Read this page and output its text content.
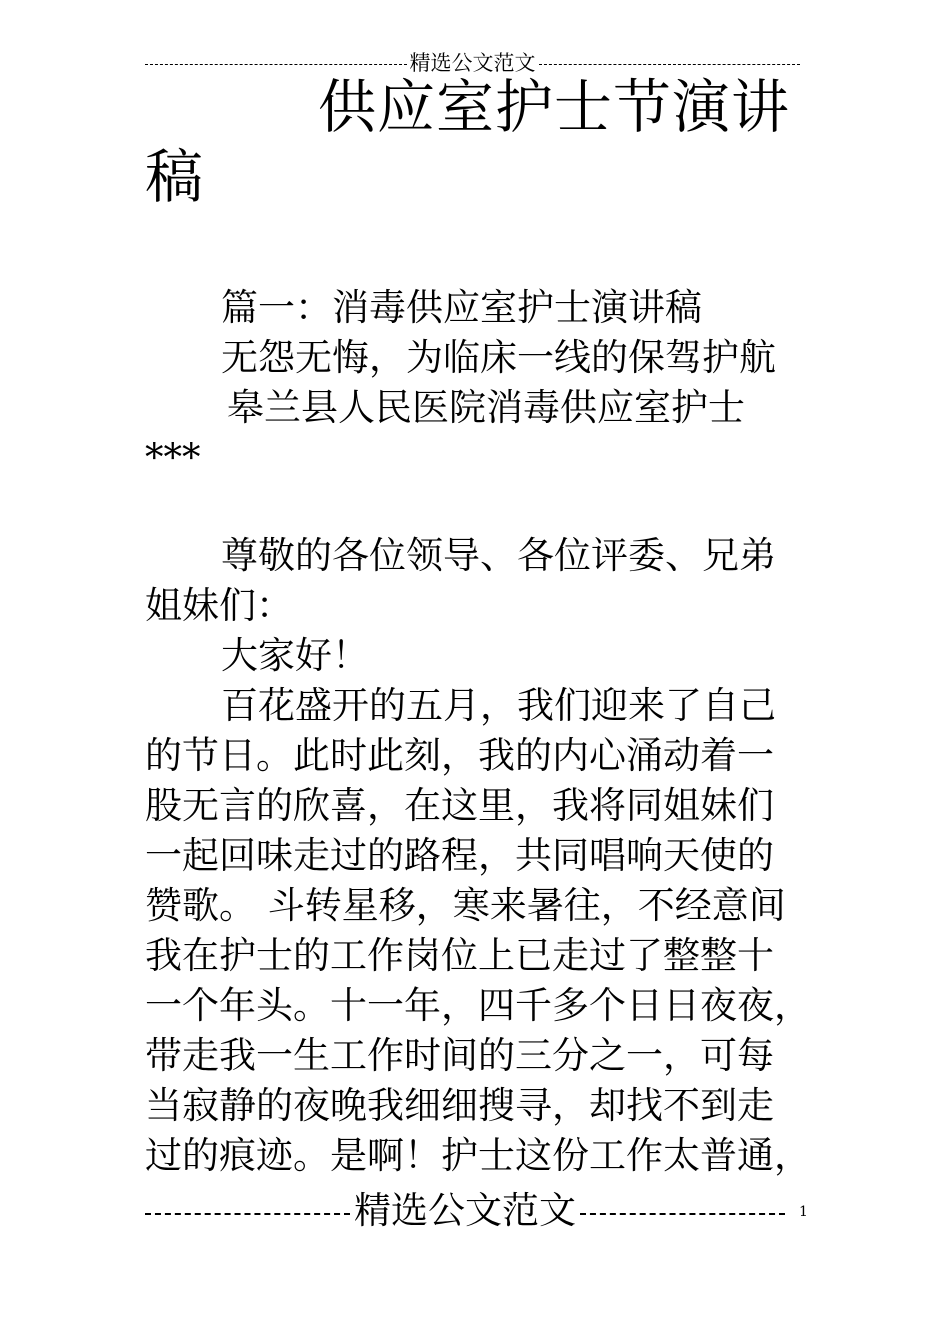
精选公文范文
供应室护士节演讲
稿
篇一：消毒供应室护士演讲稿
无怨无悔，为临床一线的保驾护航
皋兰县人民医院消毒供应室护士
***
尊敬的各位领导、各位评委、兄弟
姐妹们：
大家好！
百花盛开的五月，我们迎来了自己
的节日。此时此刻，我的内心涌动着一
股无言的欣喜，在这里，我将同姐妹们
一起回味走过的路程，共同唱响天使的
赞歌。 斗转星移，寒来暑往，不经意间
我在护士的工作岗位上已走过了整整十
一个年头。十一年，四千多个日日夜夜，
带走我一生工作时间的三分之一，可每
当寂静的夜晚我细细搜寻，却找不到走
过的痕迹。是啊！护士这份工作太普通，
精选公文范文	1
